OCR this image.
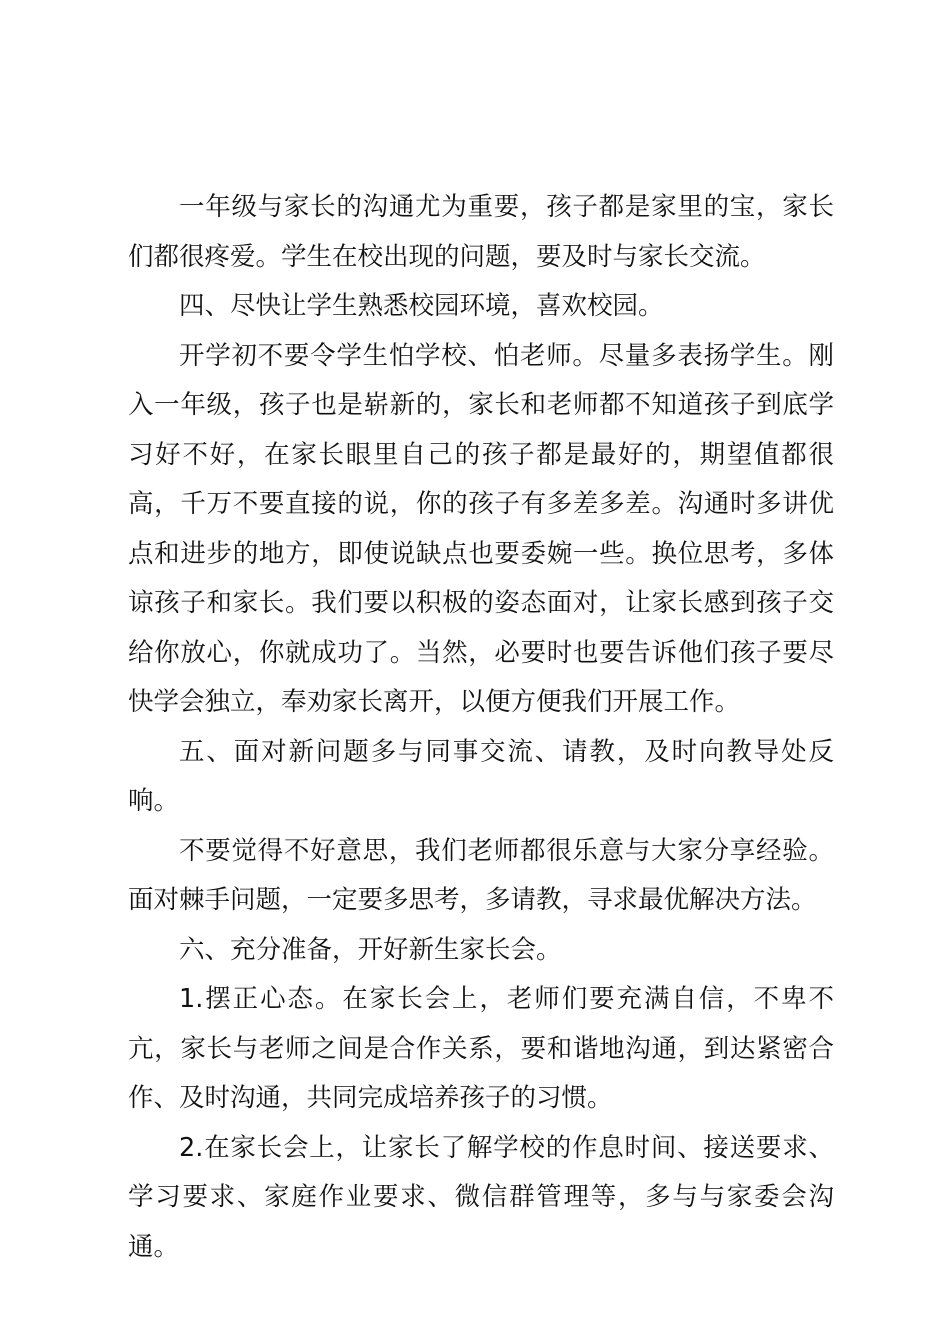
一年级与家长的沟通尤为重要，孩子都是家里的宝，家长们都很疼爱。学生在校出现的问题，要及时与家长交流。

四、尽快让学生熟悉校园环境，喜欢校园。

开学初不要令学生怕学校、怕老师。尽量多表扬学生。刚入一年级，孩子也是崭新的，家长和老师都不知道孩子到底学习好不好，在家长眼里自己的孩子都是最好的，期望值都很高，千万不要直接的说，你的孩子有多差多差。沟通时多讲优点和进步的地方，即使说缺点也要委婉一些。换位思考，多体谅孩子和家长。我们要以积极的姿态面对，让家长感到孩子交给你放心，你就成功了。当然，必要时也要告诉他们孩子要尽快学会独立，奉劝家长离开，以便方便我们开展工作。

五、面对新问题多与同事交流、请教，及时向教导处反响。

不要觉得不好意思，我们老师都很乐意与大家分享经验。面对棘手问题，一定要多思考，多请教，寻求最优解决方法。

六、充分准备，开好新生家长会。

1.摆正心态。在家长会上，老师们要充满自信，不卑不亢，家长与老师之间是合作关系，要和谐地沟通，到达紧密合作、及时沟通，共同完成培养孩子的习惯。

2.在家长会上，让家长了解学校的作息时间、接送要求、学习要求、家庭作业要求、微信群管理等，多与与家委会沟通。
